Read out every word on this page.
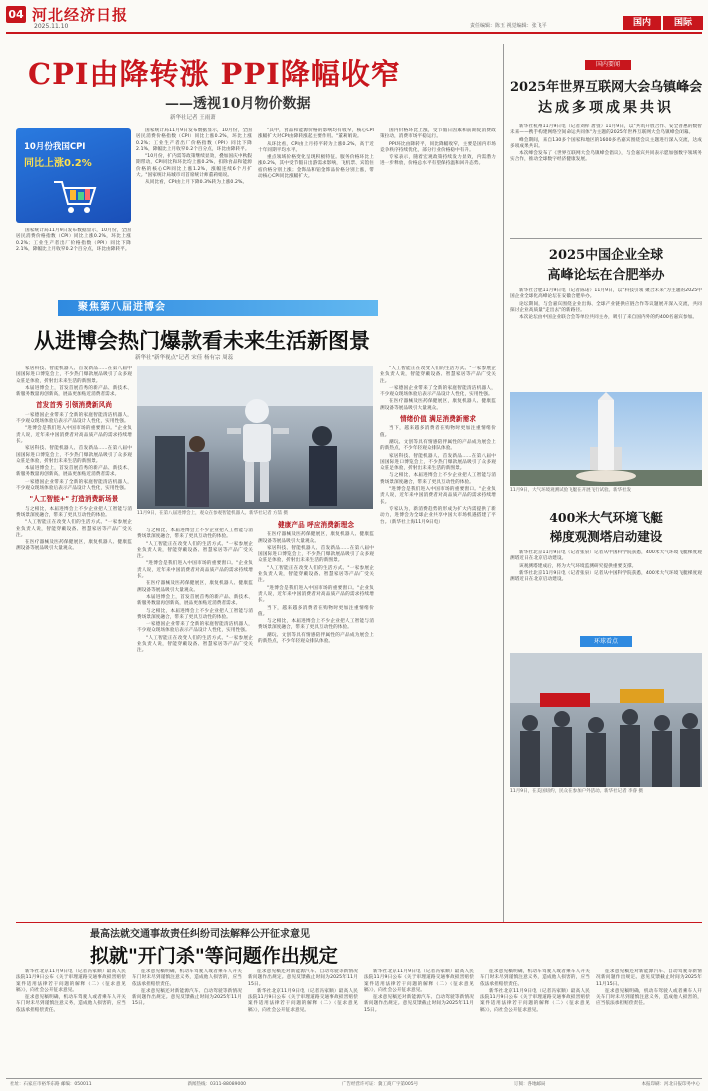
04 河北经济日报
2025.11.10	责任编辑：陈玉 视觉编辑：张飞平	国内	国际
CPI由降转涨 PPI降幅收窄
——透视10月物价数据
新华社记者 王雨萧
10月份我国CPI
同比上涨0.2%

国家统计局11月9日发布数据显示，10月份，全国居民消费价格指数（CPI）同比上涨0.2%，环比上涨0.2%；工业生产者出厂价格指数（PPI）同比下降2.1%，降幅比上月收窄0.2个百分点，环比由降转平。

"10月份，扩内需等政策继续显效，叠加国庆中秋假期带动，CPI同比和环比均上涨0.2%，扣除食品和能源价格的核心CPI同比上涨1.2%，涨幅连续6个月扩大。"国家统计局城市司首席统计师董莉娟说。

从同比看，CPI由上月下降0.3%转为上涨0.2%。

"其中，食品和能源价格的影响均有收窄，核心CPI涨幅扩大对CPI由降转涨起主要作用。"董莉娟说。

从环比看，CPI由上月持平转为上涨0.2%，高于近十年同期平均水平。

重点领域价格变化呈现积极特征。服务价格环比上涨0.2%，其中受节假日出游需求影响，飞机票、宾馆住宿价格分别上涨；金饰品和铂金饰品价格分别上涨，带动核心CPI同比涨幅扩大。

国内价格环比上涨，受节假日因素和前期促消费政策拉动，消费市场平稳运行。

PPI环比由降转平，同比降幅收窄，主要是国内市场竞争秩序持续优化，部分行业价格稳中有升。

专家表示，随着宏观政策持续发力显效，内需潜力进一步释放，价格总水平有望保持温和回升态势。

国家统计局11月9日发布数据显示，10月份，全国居民消费价格指数（CPI）同比上涨0.2%，环比上涨0.2%；工业生产者出厂价格指数（PPI）同比下降2.1%，降幅比上月收窄0.2个百分点，环比由降转平。

聚焦第八届进博会
从进博会热门爆款看未来生活新图景
新华社"新华视点"记者 宋佳 杨有宗 周蕊

家居科技、智能机器人、首发新品……在第八届中国国际进口博览会上，不少热门爆款展品吸引了众多观众驻足体验，折射出未来生活的新图景。

本届进博会上，首发首展首秀的新产品、新技术、新服务数量再创新高，展品更加贴近消费者需求。

首发首秀 引领消费新风尚

一家德国企业带来了全新的家庭智能清洁机器人，不少观众现场体验后表示产品设计人性化，实用性强。

"进博会是我们进入中国市场的重要窗口。"企业负责人说，近年来中国消费者对高品质产品的需求持续增长。

家居科技、智能机器人、首发新品……在第八届中国国际进口博览会上，不少热门爆款展品吸引了众多观众驻足体验，折射出未来生活的新图景。

本届进博会上，首发首展首秀的新产品、新技术、新服务数量再创新高，展品更加贴近消费者需求。

一家德国企业带来了全新的家庭智能清洁机器人，不少观众现场体验后表示产品设计人性化，实用性强。

"人工智能+" 打造消费新场景

与之相比，本届进博会上不少企业把人工智能与消费场景深度融合，带来了更具互动性的体验。

"人工智能正在改变人们的生活方式。"一家参展企业负责人说，智能穿戴设备、智慧家居等产品广受关注。

在医疗器械及医药保健展区，康复机器人、健康监测设备等展品吸引大量观众。

11月9日，在第八届进博会上，观众在参观智能机器人。新华社记者 方喆 摄

与之相比，本届进博会上不少企业把人工智能与消费场景深度融合，带来了更具互动性的体验。

"人工智能正在改变人们的生活方式。"一家参展企业负责人说，智能穿戴设备、智慧家居等产品广受关注。

"进博会是我们进入中国市场的重要窗口。"企业负责人说，近年来中国消费者对高品质产品的需求持续增长。

在医疗器械及医药保健展区，康复机器人、健康监测设备等展品吸引大量观众。

本届进博会上，首发首展首秀的新产品、新技术、新服务数量再创新高，展品更加贴近消费者需求。

与之相比，本届进博会上不少企业把人工智能与消费场景深度融合，带来了更具互动性的体验。

一家德国企业带来了全新的家庭智能清洁机器人，不少观众现场体验后表示产品设计人性化，实用性强。

"人工智能正在改变人们的生活方式。"一家参展企业负责人说，智能穿戴设备、智慧家居等产品广受关注。

健康产品 呼应消费新理念

在医疗器械及医药保健展区，康复机器人、健康监测设备等展品吸引大量观众。

家居科技、智能机器人、首发新品……在第八届中国国际进口博览会上，不少热门爆款展品吸引了众多观众驻足体验，折射出未来生活的新图景。

"人工智能正在改变人们的生活方式。"一家参展企业负责人说，智能穿戴设备、智慧家居等产品广受关注。

"进博会是我们进入中国市场的重要窗口。"企业负责人说，近年来中国消费者对高品质产品的需求持续增长。

当下，越来越多消费者在购物时更加注重情绪价值。

与之相比，本届进博会上不少企业把人工智能与消费场景深度融合，带来了更具互动性的体验。

潮玩、文创等具有情感陪伴属性的产品成为展会上的新热点，不少年轻观众排队体验。

"人工智能正在改变人们的生活方式。"一家参展企业负责人说，智能穿戴设备、智慧家居等产品广受关注。

一家德国企业带来了全新的家庭智能清洁机器人，不少观众现场体验后表示产品设计人性化，实用性强。

在医疗器械及医药保健展区，康复机器人、健康监测设备等展品吸引大量观众。

情绪价值 满足消费新需求

当下，越来越多消费者在购物时更加注重情绪价值。

潮玩、文创等具有情感陪伴属性的产品成为展会上的新热点，不少年轻观众排队体验。

家居科技、智能机器人、首发新品……在第八届中国国际进口博览会上，不少热门爆款展品吸引了众多观众驻足体验，折射出未来生活的新图景。

与之相比，本届进博会上不少企业把人工智能与消费场景深度融合，带来了更具互动性的体验。

"进博会是我们进入中国市场的重要窗口。"企业负责人说，近年来中国消费者对高品质产品的需求持续增长。

专家认为，新消费趋势的形成为扩大内需提供了新动力，进博会为全球企业共享中国大市场机遇搭建了平台。（新华社上海11月9日电）

国内要闻
2025年世界互联网大会乌镇峰会
达成多项成果共识

新华社杭州11月9日电（记者刘梓 唐弢）11月9日，以"共筑开放合作、安全普惠的数智未来——携手构建网络空间命运共同体"为主题的2025年世界互联网大会乌镇峰会闭幕。

峰会期间，来自130多个国家和地区的1600多名嘉宾围绕会议主题进行深入交流，达成多项成果共识。

本次峰会发布了《世界互联网大会乌镇峰会倡议》，与会嘉宾共同表示愿加强数字领域务实合作，推动全球数字经济健康发展。

2025中国企业全球
高峰论坛在合肥举办

新华社合肥11月9日电（记者陈诺）11月9日，以"科技引领 聚合未来"为主题的2025中国企业全球化高峰论坛在安徽合肥举办。

论坛期间，与会嘉宾围绕企业出海、全球产业链供应链合作等议题展开深入交流，共同探讨企业高质量"走出去"的新路径。

本次论坛由中国企业联合会等单位共同主办，吸引了来自国内外的约400名嘉宾参加。

11月9日，大气环境观测试验飞艇在开展飞行试验。新华社发
400米大气环境飞艇
梯度观测塔启动建设

新华社北京11月9日电（记者张泉）记者从中国科学院获悉，400米大气环境飞艇梯度观测塔近日在北京启动建设。

该观测塔建成后，将为大气环境监测研究提供重要支撑。

新华社北京11月9日电（记者张泉）记者从中国科学院获悉，400米大气环境飞艇梯度观测塔近日在北京启动建设。

环球看点
11月9日，在美国纽约，民众在参加户外活动。新华社记者 李睿 摄
最高法就交通事故责任纠纷司法解释公开征求意见
拟就"开门杀"等问题作出规定

新华社北京11月9日电（记者冯家顺）最高人民法院11月9日公布《关于审理道路交通事故损害赔偿案件适用法律若干问题的解释（二）（征求意见稿）》，向社会公开征求意见。

征求意见稿明确，机动车驾驶人或者乘车人开关车门时未尽到谨慎注意义务，造成他人损害的，应当依法承担赔偿责任。

征求意见稿明确，机动车驾驶人或者乘车人开关车门时未尽到谨慎注意义务，造成他人损害的，应当依法承担赔偿责任。

征求意见稿还对新能源汽车、自动驾驶等新情况新问题作出规定。意见反馈截止时间为2025年11月15日。

征求意见稿还对新能源汽车、自动驾驶等新情况新问题作出规定。意见反馈截止时间为2025年11月15日。

新华社北京11月9日电（记者冯家顺）最高人民法院11月9日公布《关于审理道路交通事故损害赔偿案件适用法律若干问题的解释（二）（征求意见稿）》，向社会公开征求意见。

新华社北京11月9日电（记者冯家顺）最高人民法院11月9日公布《关于审理道路交通事故损害赔偿案件适用法律若干问题的解释（二）（征求意见稿）》，向社会公开征求意见。

征求意见稿还对新能源汽车、自动驾驶等新情况新问题作出规定。意见反馈截止时间为2025年11月15日。

征求意见稿明确，机动车驾驶人或者乘车人开关车门时未尽到谨慎注意义务，造成他人损害的，应当依法承担赔偿责任。

新华社北京11月9日电（记者冯家顺）最高人民法院11月9日公布《关于审理道路交通事故损害赔偿案件适用法律若干问题的解释（二）（征求意见稿）》，向社会公开征求意见。

征求意见稿还对新能源汽车、自动驾驶等新情况新问题作出规定。意见反馈截止时间为2025年11月15日。

征求意见稿明确，机动车驾驶人或者乘车人开关车门时未尽到谨慎注意义务，造成他人损害的，应当依法承担赔偿责任。

社址：石家庄市裕华东路 邮编：050011	新闻热线：0311-88089000	广告经营许可证：冀工商广字第005号	订阅：各地邮局	本报印刷：河北日报印务中心
